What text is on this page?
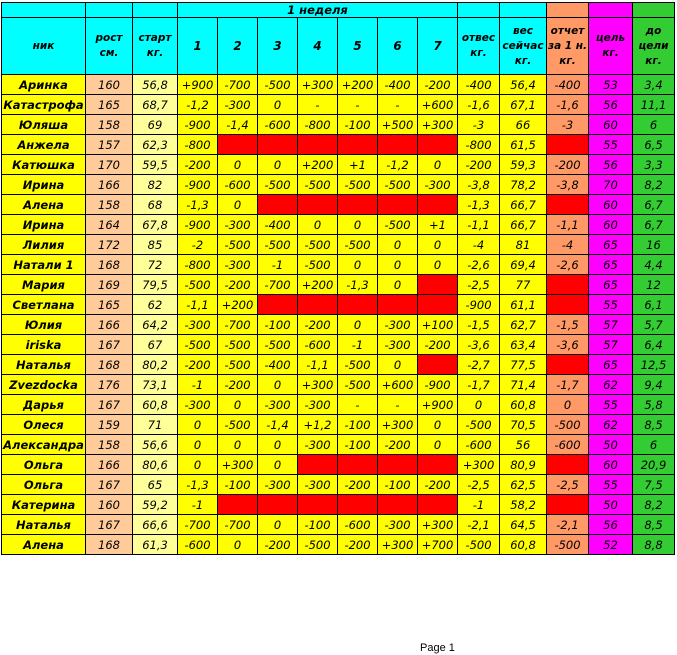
			1 неделя											
ник	рост см.	старт кг.	1	2	3	4	5	6	7	отвес кг.	вес сейчас кг.	отчет за 1 н. кг.	цель кг.	до цели кг.
Аринка	160	56,8	+900	-700	-500	+300	+200	-400	-200	-400	56,4	-400	53	3,4
Катастрофа	165	68,7	-1,2	-300	0	-	-	-	+600	-1,6	67,1	-1,6	56	11,1
Юляша	158	69	-900	-1,4	-600	-800	-100	+500	+300	-3	66	-3	60	6
Анжела	157	62,3	-800							-800	61,5		55	6,5
Катюшка	170	59,5	-200	0	0	+200	+1	-1,2	0	-200	59,3	-200	56	3,3
Ирина	166	82	-900	-600	-500	-500	-500	-500	-300	-3,8	78,2	-3,8	70	8,2
Алена	158	68	-1,3	0						-1,3	66,7		60	6,7
Ирина	164	67,8	-900	-300	-400	0	0	-500	+1	-1,1	66,7	-1,1	60	6,7
Лилия	172	85	-2	-500	-500	-500	-500	0	0	-4	81	-4	65	16
Натали 1	168	72	-800	-300	-1	-500	0	0	0	-2,6	69,4	-2,6	65	4,4
Мария	169	79,5	-500	-200	-700	+200	-1,3	0		-2,5	77		65	12
Светлана	165	62	-1,1	+200						-900	61,1		55	6,1
Юлия	166	64,2	-300	-700	-100	-200	0	-300	+100	-1,5	62,7	-1,5	57	5,7
iriska	167	67	-500	-500	-500	-600	-1	-300	-200	-3,6	63,4	-3,6	57	6,4
Наталья	168	80,2	-200	-500	-400	-1,1	-500	0		-2,7	77,5		65	12,5
Zvezdocka	176	73,1	-1	-200	0	+300	-500	+600	-900	-1,7	71,4	-1,7	62	9,4
Дарья	167	60,8	-300	0	-300	-300	-	-	+900	0	60,8	0	55	5,8
Олеся	159	71	0	-500	-1,4	+1,2	-100	+300	0	-500	70,5	-500	62	8,5
Александра	158	56,6	0	0	0	-300	-100	-200	0	-600	56	-600	50	6
Ольга	166	80,6	0	+300	0					+300	80,9		60	20,9
Ольга	167	65	-1,3	-100	-300	-300	-200	-100	-200	-2,5	62,5	-2,5	55	7,5
Катерина	160	59,2	-1							-1	58,2		50	8,2
Наталья	167	66,6	-700	-700	0	-100	-600	-300	+300	-2,1	64,5	-2,1	56	8,5
Алена	168	61,3	-600	0	-200	-500	-200	+300	+700	-500	60,8	-500	52	8,8
Page 1
